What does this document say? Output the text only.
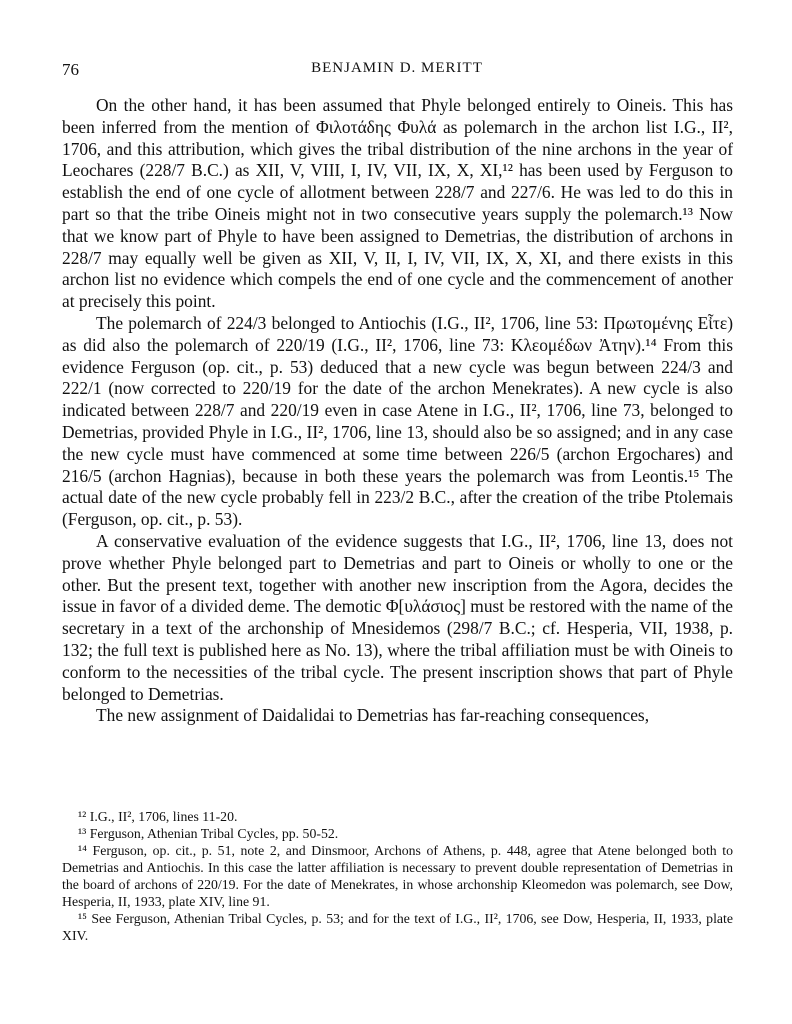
76	BENJAMIN D. MERITT

On the other hand, it has been assumed that Phyle belonged entirely to Oineis. This has been inferred from the mention of Φιλοτάδης Φυλά as polemarch in the archon list I.G., II², 1706, and this attribution, which gives the tribal distribution of the nine archons in the year of Leochares (228/7 B.C.) as XII, V, VIII, I, IV, VII, IX, X, XI,¹² has been used by Ferguson to establish the end of one cycle of allotment between 228/7 and 227/6. He was led to do this in part so that the tribe Oineis might not in two consecutive years supply the polemarch.¹³ Now that we know part of Phyle to have been assigned to Demetrias, the distribution of archons in 228/7 may equally well be given as XII, V, II, I, IV, VII, IX, X, XI, and there exists in this archon list no evidence which compels the end of one cycle and the commencement of another at precisely this point.

The polemarch of 224/3 belonged to Antiochis (I.G., II², 1706, line 53: Πρωτομένης Εἶτε) as did also the polemarch of 220/19 (I.G., II², 1706, line 73: Κλεομέδων Ἀτην).¹⁴ From this evidence Ferguson (op. cit., p. 53) deduced that a new cycle was begun between 224/3 and 222/1 (now corrected to 220/19 for the date of the archon Menekrates). A new cycle is also indicated between 228/7 and 220/19 even in case Atene in I.G., II², 1706, line 73, belonged to Demetrias, provided Phyle in I.G., II², 1706, line 13, should also be so assigned; and in any case the new cycle must have commenced at some time between 226/5 (archon Ergochares) and 216/5 (archon Hagnias), because in both these years the polemarch was from Leontis.¹⁵ The actual date of the new cycle probably fell in 223/2 B.C., after the creation of the tribe Ptolemais (Ferguson, op. cit., p. 53).

A conservative evaluation of the evidence suggests that I.G., II², 1706, line 13, does not prove whether Phyle belonged part to Demetrias and part to Oineis or wholly to one or the other. But the present text, together with another new inscription from the Agora, decides the issue in favor of a divided deme. The demotic Φ[υλάσιος] must be restored with the name of the secretary in a text of the archonship of Mnesidemos (298/7 B.C.; cf. Hesperia, VII, 1938, p. 132; the full text is published here as No. 13), where the tribal affiliation must be with Oineis to conform to the necessities of the tribal cycle. The present inscription shows that part of Phyle belonged to Demetrias.

The new assignment of Daidalidai to Demetrias has far-reaching consequences,

¹² I.G., II², 1706, lines 11-20.

¹³ Ferguson, Athenian Tribal Cycles, pp. 50-52.

¹⁴ Ferguson, op. cit., p. 51, note 2, and Dinsmoor, Archons of Athens, p. 448, agree that Atene belonged both to Demetrias and Antiochis. In this case the latter affiliation is necessary to prevent double representation of Demetrias in the board of archons of 220/19. For the date of Menekrates, in whose archonship Kleomedon was polemarch, see Dow, Hesperia, II, 1933, plate XIV, line 91.

¹⁵ See Ferguson, Athenian Tribal Cycles, p. 53; and for the text of I.G., II², 1706, see Dow, Hesperia, II, 1933, plate XIV.
